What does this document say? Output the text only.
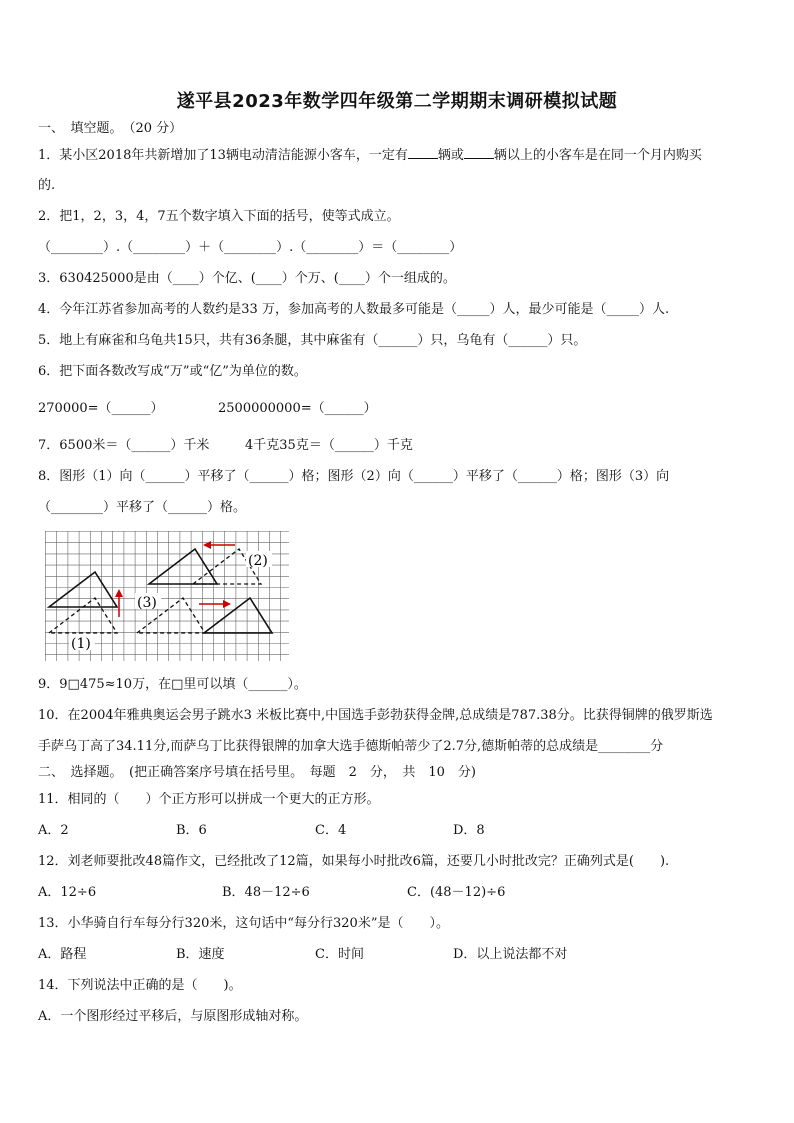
遂平县2023年数学四年级第二学期期末调研模拟试题
一、　填空题。　（20 分）
1．某小区2018年共新增加了13辆电动清洁能源小客车，一定有 辆或 辆以上的小客车是在同一个月内购买
的.
2．把1，2，3，4，7五个数字填入下面的括号，使等式成立。
（________）.（________）＋（________）.（________）＝（________）
3．630425000是由（____）个亿、(____）个万、(____）个一组成的。
4．今年江苏省参加高考的人数约是33 万，参加高考的人数最多可能是（_____）人，最少可能是（_____）人.
5．地上有麻雀和乌龟共15只，共有36条腿，其中麻雀有（______）只，乌龟有（______）只。
6．把下面各数改写成“万”或“亿”为单位的数。
270000=（______）	2500000000=（______）
7．6500米＝（______）千米	4千克35克＝（______）千克
8．图形（1）向（______）平移了（______）格；图形（2）向（______）平移了（______）格；图形（3）向
（________）平移了（______）格。
(1)
(2)
(3)
9．9□475≈10万，在□里可以填（______）。
10．在2004年雅典奥运会男子跳水3 米板比赛中,中国选手彭勃获得金牌,总成绩是787.38分。比获得铜牌的俄罗斯选
手萨乌丁高了34.11分,而萨乌丁比获得银牌的加拿大选手德斯帕蒂少了2.7分,德斯帕蒂的总成绩是________分
二、　选择题。　(把正确答案序号填在括号里。　每题　2　分，　共　10　分)
11．相同的（　　）个正方形可以拼成一个更大的正方形。
A．2	B．6	C．4	D．8
12．刘老师要批改48篇作文，已经批改了12篇，如果每小时批改6篇，还要几小时批改完？正确列式是(　　).
A．12÷6	B．48－12÷6	C．(48－12)÷6
13．小华骑自行车每分行320米，这句话中“每分行320米”是（　　）。
A．路程	B．速度	C．时间	D．以上说法都不对
14．下列说法中正确的是（　　)。
A．一个图形经过平移后，与原图形成轴对称。
